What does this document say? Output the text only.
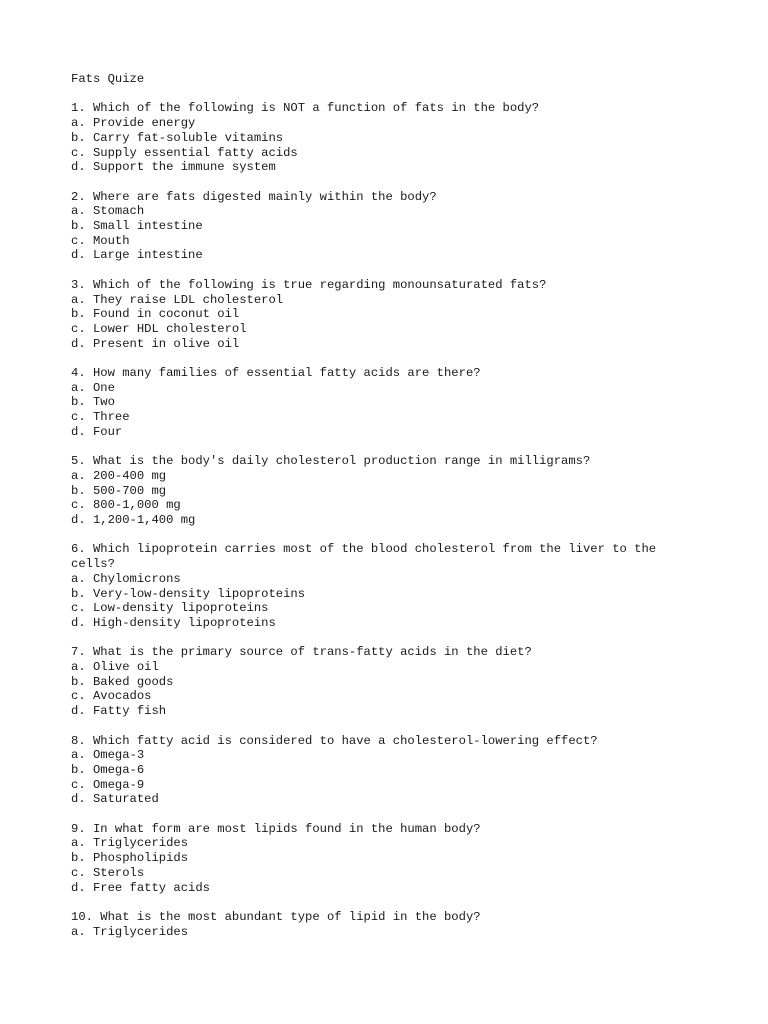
Fats Quize
1. Which of the following is NOT a function of fats in the body?
a. Provide energy
b. Carry fat-soluble vitamins
c. Supply essential fatty acids
d. Support the immune system
2. Where are fats digested mainly within the body?
a. Stomach
b. Small intestine
c. Mouth
d. Large intestine
3. Which of the following is true regarding monounsaturated fats?
a. They raise LDL cholesterol
b. Found in coconut oil
c. Lower HDL cholesterol
d. Present in olive oil
4. How many families of essential fatty acids are there?
a. One
b. Two
c. Three
d. Four
5. What is the body's daily cholesterol production range in milligrams?
a. 200-400 mg
b. 500-700 mg
c. 800-1,000 mg
d. 1,200-1,400 mg
6. Which lipoprotein carries most of the blood cholesterol from the liver to the
cells?
a. Chylomicrons
b. Very-low-density lipoproteins
c. Low-density lipoproteins
d. High-density lipoproteins
7. What is the primary source of trans-fatty acids in the diet?
a. Olive oil
b. Baked goods
c. Avocados
d. Fatty fish
8. Which fatty acid is considered to have a cholesterol-lowering effect?
a. Omega-3
b. Omega-6
c. Omega-9
d. Saturated
9. In what form are most lipids found in the human body?
a. Triglycerides
b. Phospholipids
c. Sterols
d. Free fatty acids
10. What is the most abundant type of lipid in the body?
a. Triglycerides
